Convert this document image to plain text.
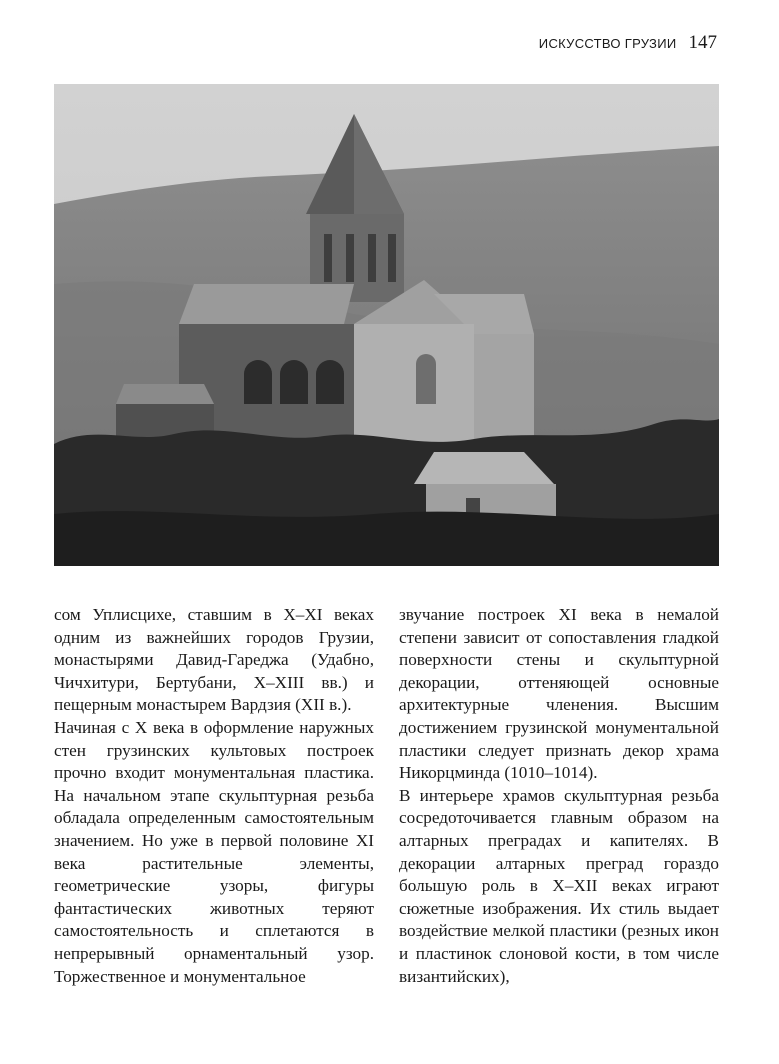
ИСКУССТВО ГРУЗИИ 147

сом Уплисцихе, ставшим в X–XI веках одним из важнейших городов Грузии, монастырями Давид-Гареджа (Удабно, Чичхитури, Бертубани, X–XIII вв.) и пещерным монастырем Вардзия (XII в.).

Начиная с X века в оформление наружных стен грузинских культовых построек прочно входит монументальная пластика. На начальном этапе скульптурная резьба обладала определенным самостоятельным значением. Но уже в первой половине XI века растительные элементы, геометрические узоры, фигуры фантастических животных теряют самостоятельность и сплетаются в непрерывный орнаментальный узор. Торжественное и монументальное

звучание построек XI века в немалой степени зависит от сопоставления гладкой поверхности стены и скульптурной декорации, оттеняющей основные архитектурные членения. Высшим достижением грузинской монументальной пластики следует признать декор храма Никорцминда (1010–1014).

В интерьере храмов скульптурная резьба сосредоточивается главным образом на алтарных преградах и капителях. В декорации алтарных преград гораздо большую роль в X–XII веках играют сюжетные изображения. Их стиль выдает воздействие мелкой пластики (резных икон и пластинок слоновой кости, в том числе византийских),
